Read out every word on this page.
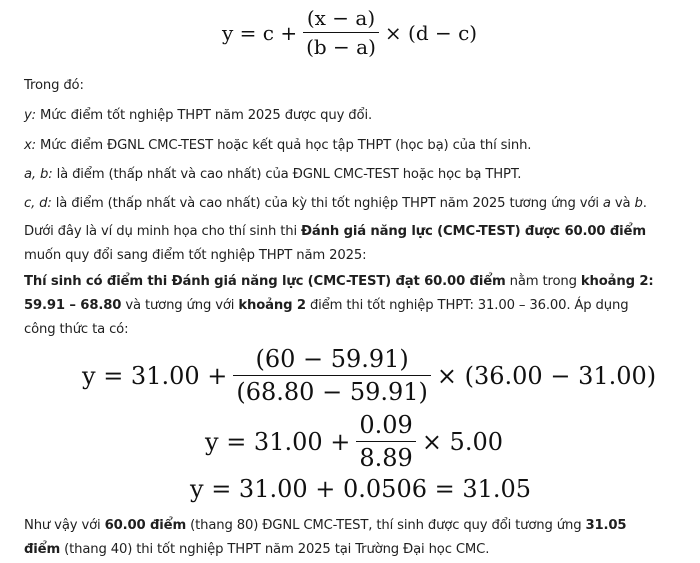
$y = c + \frac{(x - a)}{(b - a)} \times (d - c)$
Trong đó:
y: Mức điểm tốt nghiệp THPT năm 2025 được quy đổi.
x: Mức điểm ĐGNL CMC-TEST hoặc kết quả học tập THPT (học bạ) của thí sinh.
a, b: là điểm (thấp nhất và cao nhất) của ĐGNL CMC-TEST hoặc học bạ THPT.
c, d: là điểm (thấp nhất và cao nhất) của kỳ thi tốt nghiệp THPT năm 2025 tương ứng với a và b.
Dưới đây là ví dụ minh họa cho thí sinh thi Đánh giá năng lực (CMC-TEST) được 60.00 điểm muốn quy đổi sang điểm tốt nghiệp THPT năm 2025:
Thí sinh có điểm thi Đánh giá năng lực (CMC-TEST) đạt 60.00 điểm nằm trong khoảng 2: 59.91 – 68.80 và tương ứng với khoảng 2 điểm thi tốt nghiệp THPT: 31.00 – 36.00. Áp dụng công thức ta có:
$y = 31.00 + \frac{(60 - 59.91)}{(68.80 - 59.91)} \times (36.00 - 31.00)$
$y = 31.00 + \frac{0.09}{8.89} \times 5.00$
y = 31.00 + 0.0506 = 31.05
Như vậy với 60.00 điểm (thang 80) ĐGNL CMC-TEST, thí sinh được quy đổi tương ứng 31.05 điểm (thang 40) thi tốt nghiệp THPT năm 2025 tại Trường Đại học CMC.
